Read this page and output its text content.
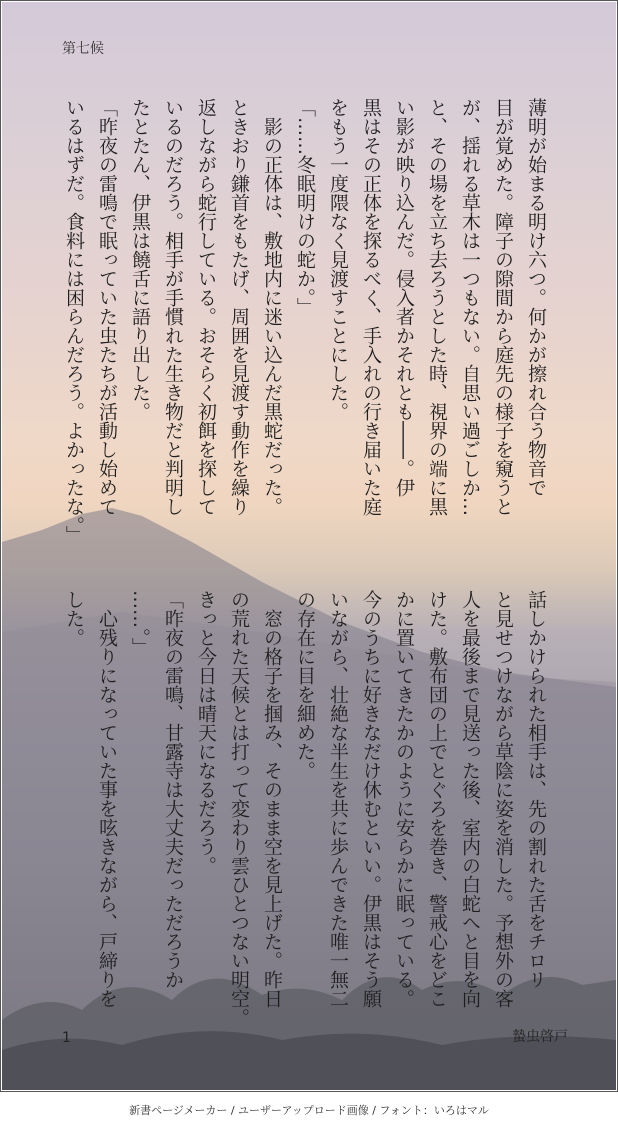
第七候
薄明が始まる明け六つ。何かが擦れ合う物音で
目が覚めた。障子の隙間から庭先の様子を窺うと
が、揺れる草木は一つもない。自思い過ごしか…
と、その場を立ち去ろうとした時、視界の端に黒
い影が映り込んだ。侵入者かそれとも――。伊
黒はその正体を探るべく、手入れの行き届いた庭
をもう一度隈なく見渡すことにした。
「……冬眠明けの蛇か。」
影の正体は、敷地内に迷い込んだ黒蛇だった。
ときおり鎌首をもたげ、周囲を見渡す動作を繰り
返しながら蛇行している。おそらく初餌を探して
いるのだろう。相手が手慣れた生き物だと判明し
たとたん、伊黒は饒舌に語り出した。
「昨夜の雷鳴で眠っていた虫たちが活動し始めて
いるはずだ。食料には困らんだろう。よかったな。」
話しかけられた相手は、先の割れた舌をチロリ
と見せつけながら草陰に姿を消した。予想外の客
人を最後まで見送った後、室内の白蛇へと目を向
けた。敷布団の上でとぐろを巻き、警戒心をどこ
かに置いてきたかのように安らかに眠っている。
今のうちに好きなだけ休むといい。伊黒はそう願
いながら、壮絶な半生を共に歩んできた唯一無二
の存在に目を細めた。
窓の格子を掴み、そのまま空を見上げた。昨日
の荒れた天候とは打って変わり雲ひとつない明空。
きっと今日は晴天になるだろう。
「昨夜の雷鳴、甘露寺は大丈夫だっただろうか
……。」
心残りになっていた事を呟きながら、戸締りを
した。
1	蟄虫啓戸
新書ページメーカー / ユーザーアップロード画像 / フォント：いろはマル
